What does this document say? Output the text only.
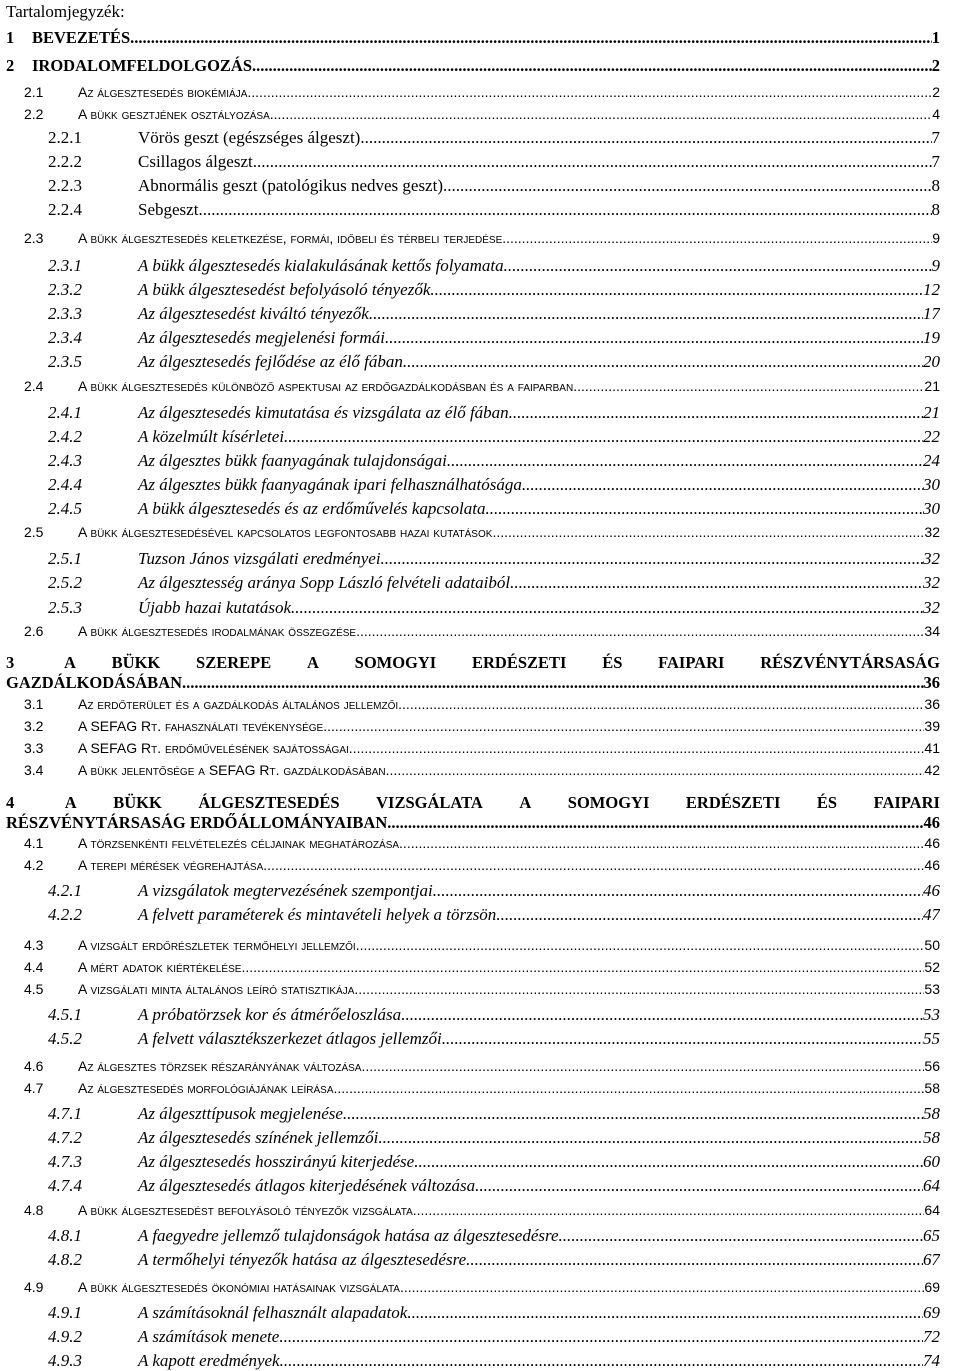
Tartalomjegyzék:
1	BEVEZETÉS .....	1
2	IRODALOMFELDOLGOZÁS .....	2
2.1	Az álgesztesedés biokémiája .....	2
2.2	A bükk gesztjének osztályozása .....	4
2.2.1	Vörös geszt (egészséges álgeszt) .....	7
2.2.2	Csillagos álgeszt .....	7
2.2.3	Abnormális geszt (patológikus nedves geszt) .....	8
2.2.4	Sebgeszt .....	8
2.3	A bükk álgesztesedés keletkezése, formái, időbeli és térbeli terjedése .....	9
2.3.1	A bükk álgesztesedés kialakulásának kettős folyamata .....	9
2.3.2	A bükk álgesztesedést befolyásoló tényezők .....	12
2.3.3	Az álgesztesedést kiváltó tényezők .....	17
2.3.4	Az álgesztesedés megjelenési formái .....	19
2.3.5	Az álgesztesedés fejlődése az élő fában .....	20
2.4	A bükk álgesztesedés különböző aspektusai az erdőgazdálkodásban és a faiparban .....	21
2.4.1	Az álgesztesedés kimutatása és vizsgálata az élő fában .....	21
2.4.2	A közelmúlt kísérletei .....	22
2.4.3	Az álgesztes bükk faanyagának tulajdonságai .....	24
2.4.4	Az álgesztes bükk faanyagának ipari felhasználhatósága .....	30
2.4.5	A bükk álgesztesedés és az erdőművelés kapcsolata .....	30
2.5	A bükk álgesztesedésével kapcsolatos legfontosabb hazai kutatások .....	32
2.5.1	Tuzson János vizsgálati eredményei .....	32
2.5.2	Az álgesztesség aránya Sopp László felvételi adataiból .....	32
2.5.3	Újabb hazai kutatások .....	32
2.6	A bükk álgesztesedés irodalmának összegzése .....	34
3	A BÜKK SZEREPE A SOMOGYI ERDÉSZETI ÉS FAIPARI RÉSZVÉNYTÁRSASÁG
GAZDÁLKODÁSÁBAN .....	36
3.1	Az erdőterület és a gazdálkodás általános jellemzői .....	36
3.2	A SEFAG Rt. fahasználati tevékenysége .....	39
3.3	A SEFAG Rt. erdőművelésének sajátosságai .....	41
3.4	A bükk jelentősége a SEFAG Rt. gazdálkodásában .....	42
4	A BÜKK ÁLGESZTESEDÉS VIZSGÁLATA A SOMOGYI ERDÉSZETI ÉS FAIPARI
RÉSZVÉNYTÁRSASÁG ERDŐÁLLOMÁNYAIBAN .....	46
4.1	A törzsenkénti felvételezés céljainak meghatározása .....	46
4.2	A terepi mérések végrehajtása .....	46
4.2.1	A vizsgálatok megtervezésének szempontjai .....	46
4.2.2	A felvett paraméterek és mintavételi helyek a törzsön .....	47
4.3	A vizsgált erdőrészletek termőhelyi jellemzői .....	50
4.4	A mért adatok kiértékelése .....	52
4.5	A vizsgálati minta általános leíró statisztikája .....	53
4.5.1	A próbatörzsek kor és átmérőeloszlása .....	53
4.5.2	A felvett választékszerkezet átlagos jellemzői .....	55
4.6	Az álgesztes törzsek részarányának változása .....	56
4.7	Az álgesztesedés morfológiájának leírása .....	58
4.7.1	Az álgeszttípusok megjelenése .....	58
4.7.2	Az álgesztesedés színének jellemzői .....	58
4.7.3	Az álgesztesedés hosszirányú kiterjedése .....	60
4.7.4	Az álgesztesedés átlagos kiterjedésének változása .....	64
4.8	A bükk álgesztesedést befolyásoló tényezők vizsgálata .....	64
4.8.1	A faegyedre jellemző tulajdonságok hatása az álgesztesedésre .....	65
4.8.2	A termőhelyi tényezők hatása az álgesztesedésre .....	67
4.9	A bükk álgesztesedés ökonómiai hatásainak vizsgálata .....	69
4.9.1	A számításoknál felhasznált alapadatok .....	69
4.9.2	A számítások menete .....	72
4.9.3	A kapott eredmények .....	74
